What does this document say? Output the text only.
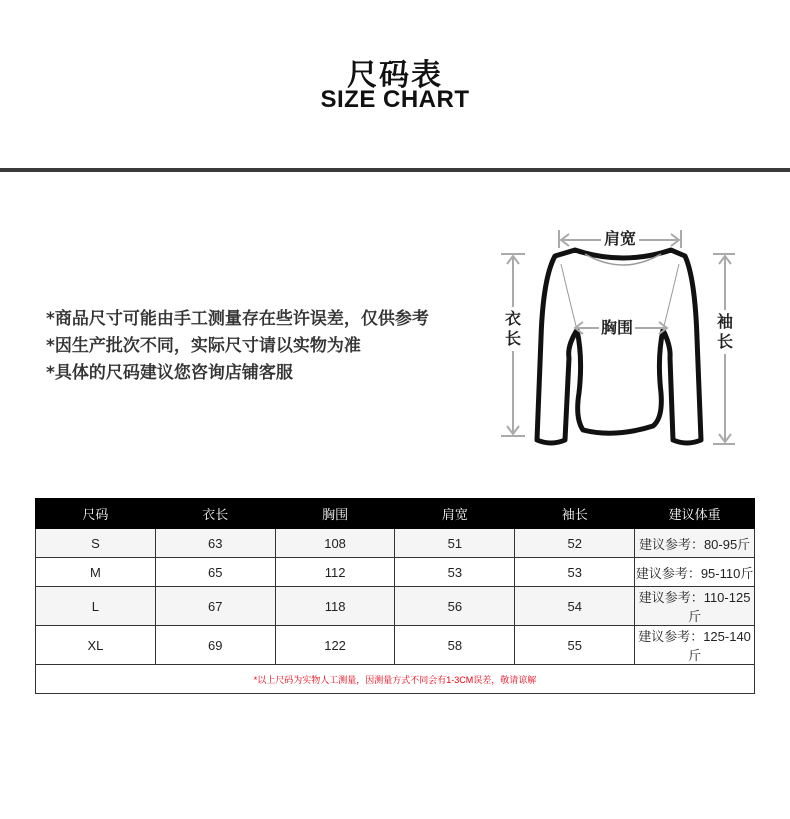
尺码表
SIZE CHART
*商品尺寸可能由手工测量存在些许误差，仅供参考
*因生产批次不同，实际尺寸请以实物为准
*具体的尺码建议您咨询店铺客服
肩宽
胸围
衣
长
袖
长
尺码	衣长	胸围	肩宽	袖长	建议体重
S	63	108	51	52	建议参考：80-95斤
M	65	112	53	53	建议参考：95-110斤
L	67	118	56	54	建议参考：110-125斤
XL	69	122	58	55	建议参考：125-140斤
*以上尺码为实物人工测量，因测量方式不同会有1-3CM误差，敬请谅解					
